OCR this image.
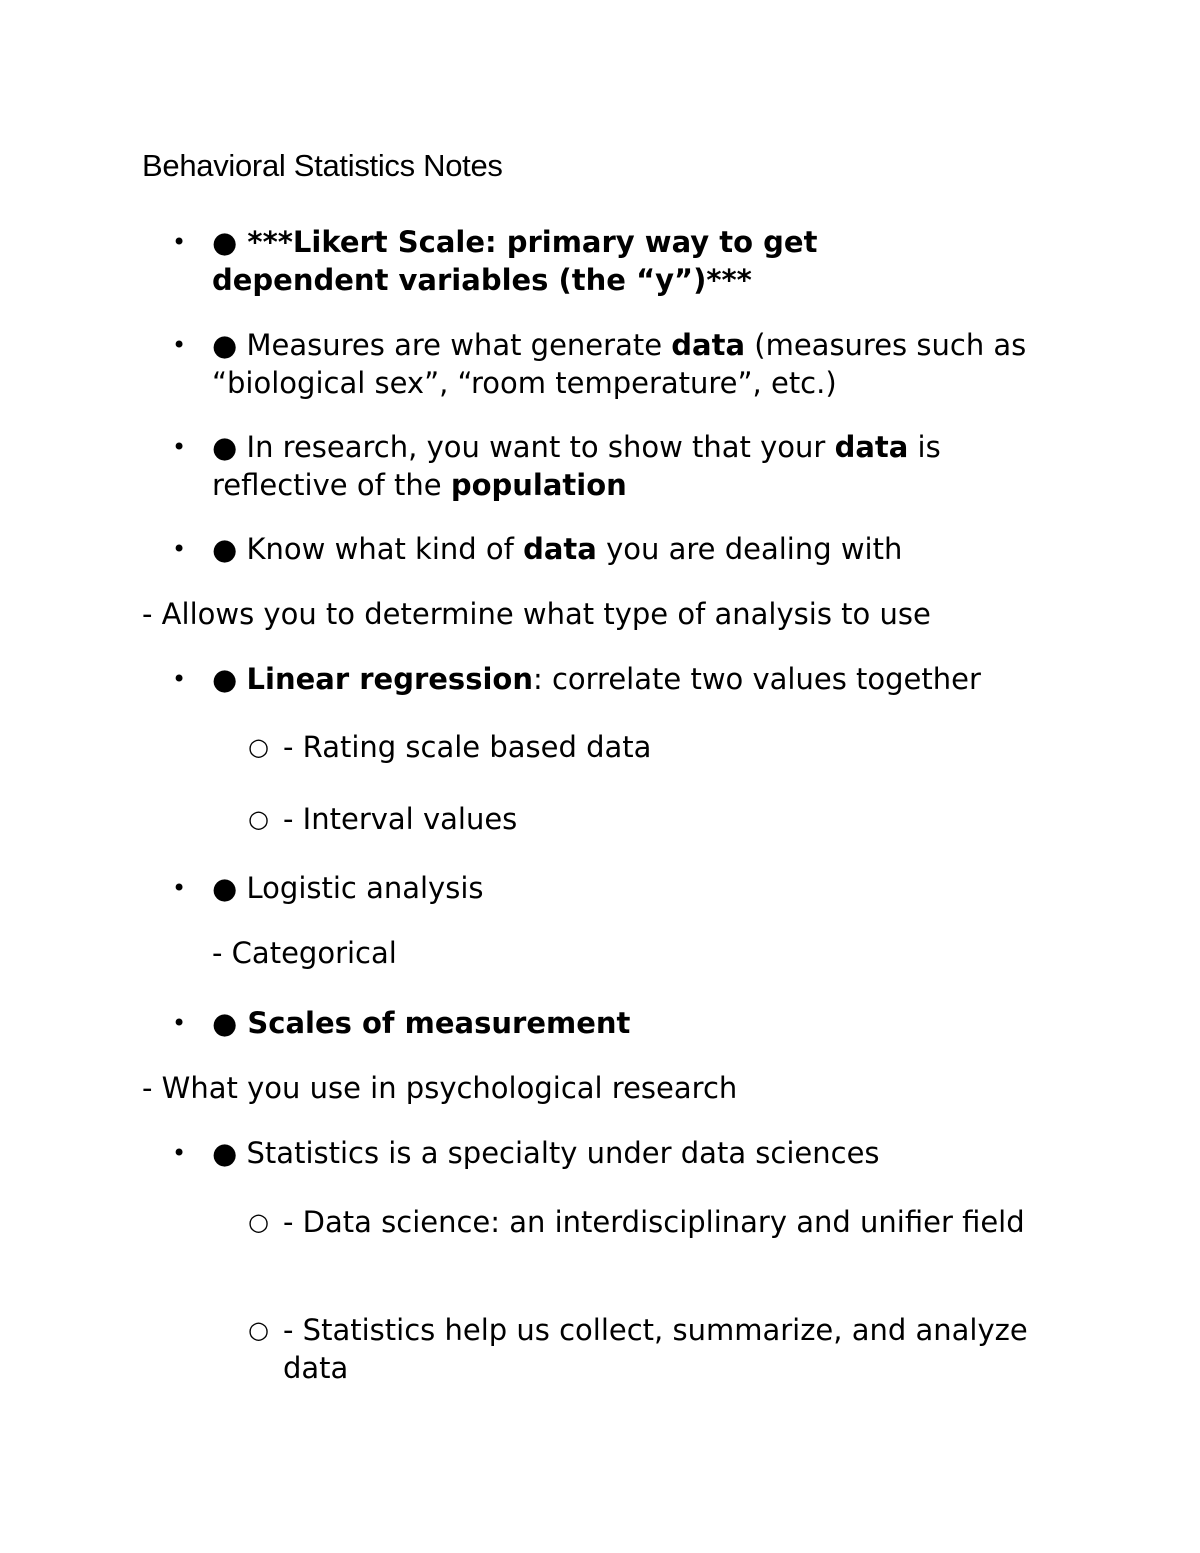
Behavioral Statistics Notes
• ● ***Likert Scale: primary way to get
dependent variables (the “y”)***
• ● Measures are what generate data (measures such as “biological sex”, “room temperature”, etc.)
• ● In research, you want to show that your data is reflective of the population
• ● Know what kind of data you are dealing with
- Allows you to determine what type of analysis to use
• ● Linear regression: correlate two values together
○ - Rating scale based data
○ - Interval values
• ● Logistic analysis
- Categorical
• ● Scales of measurement
- What you use in psychological research
• ● Statistics is a specialty under data sciences
○ - Data science: an interdisciplinary and unifier field
○ - Statistics help us collect, summarize, and analyze data
